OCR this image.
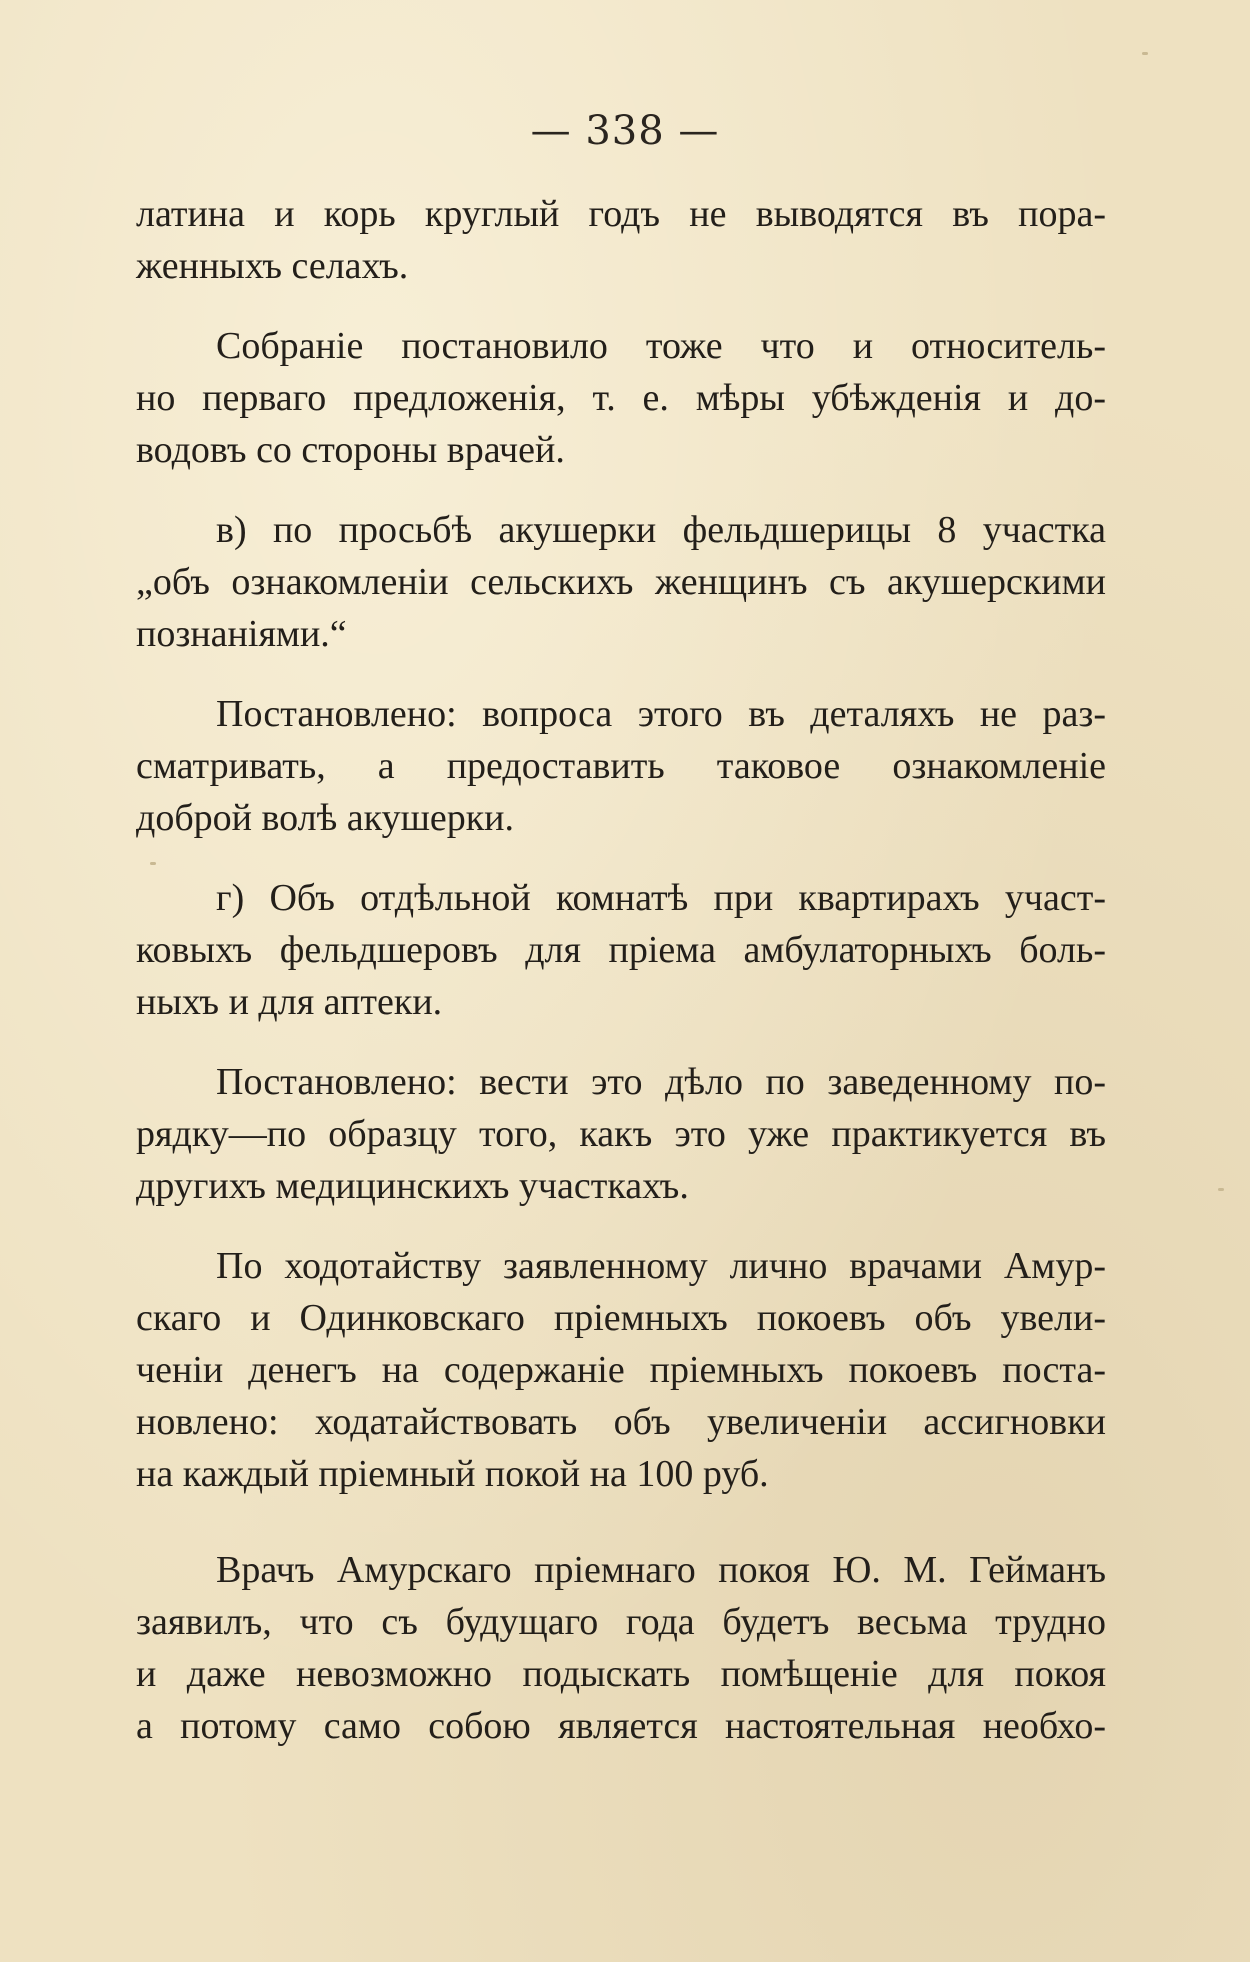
— 338 —

латина и корь круглый годъ не выводятся въ пора-
женныхъ селахъ.

Собраніе постановило тоже что и относитель-
но перваго предложенія, т. е. мѣры убѣжденія и до-
водовъ со стороны врачей.

в) по просьбѣ акушерки фельдшерицы 8 участка
„объ ознакомленіи сельскихъ женщинъ съ акушерскими
познаніями.“

Постановлено: вопроса этого въ деталяхъ не раз-
сматривать, а предоставить таковое ознакомленіе
доброй волѣ акушерки.

г) Объ отдѣльной комнатѣ при квартирахъ участ-
ковыхъ фельдшеровъ для пріема амбулаторныхъ боль-
ныхъ и для аптеки.

Постановлено: вести это дѣло по заведенному по-
рядку—по образцу того, какъ это уже практикуется въ
другихъ медицинскихъ участкахъ.

По ходотайству заявленному лично врачами Амур-
скаго и Одинковскаго пріемныхъ покоевъ объ увели-
ченіи денегъ на содержаніе пріемныхъ покоевъ поста-
новлено: ходатайствовать объ увеличеніи ассигновки
на каждый пріемный покой на 100 руб.

Врачъ Амурскаго пріемнаго покоя Ю. М. Гейманъ
заявилъ, что съ будущаго года будетъ весьма трудно
и даже невозможно подыскать помѣщеніе для покоя
а потому само собою является настоятельная необхо-
